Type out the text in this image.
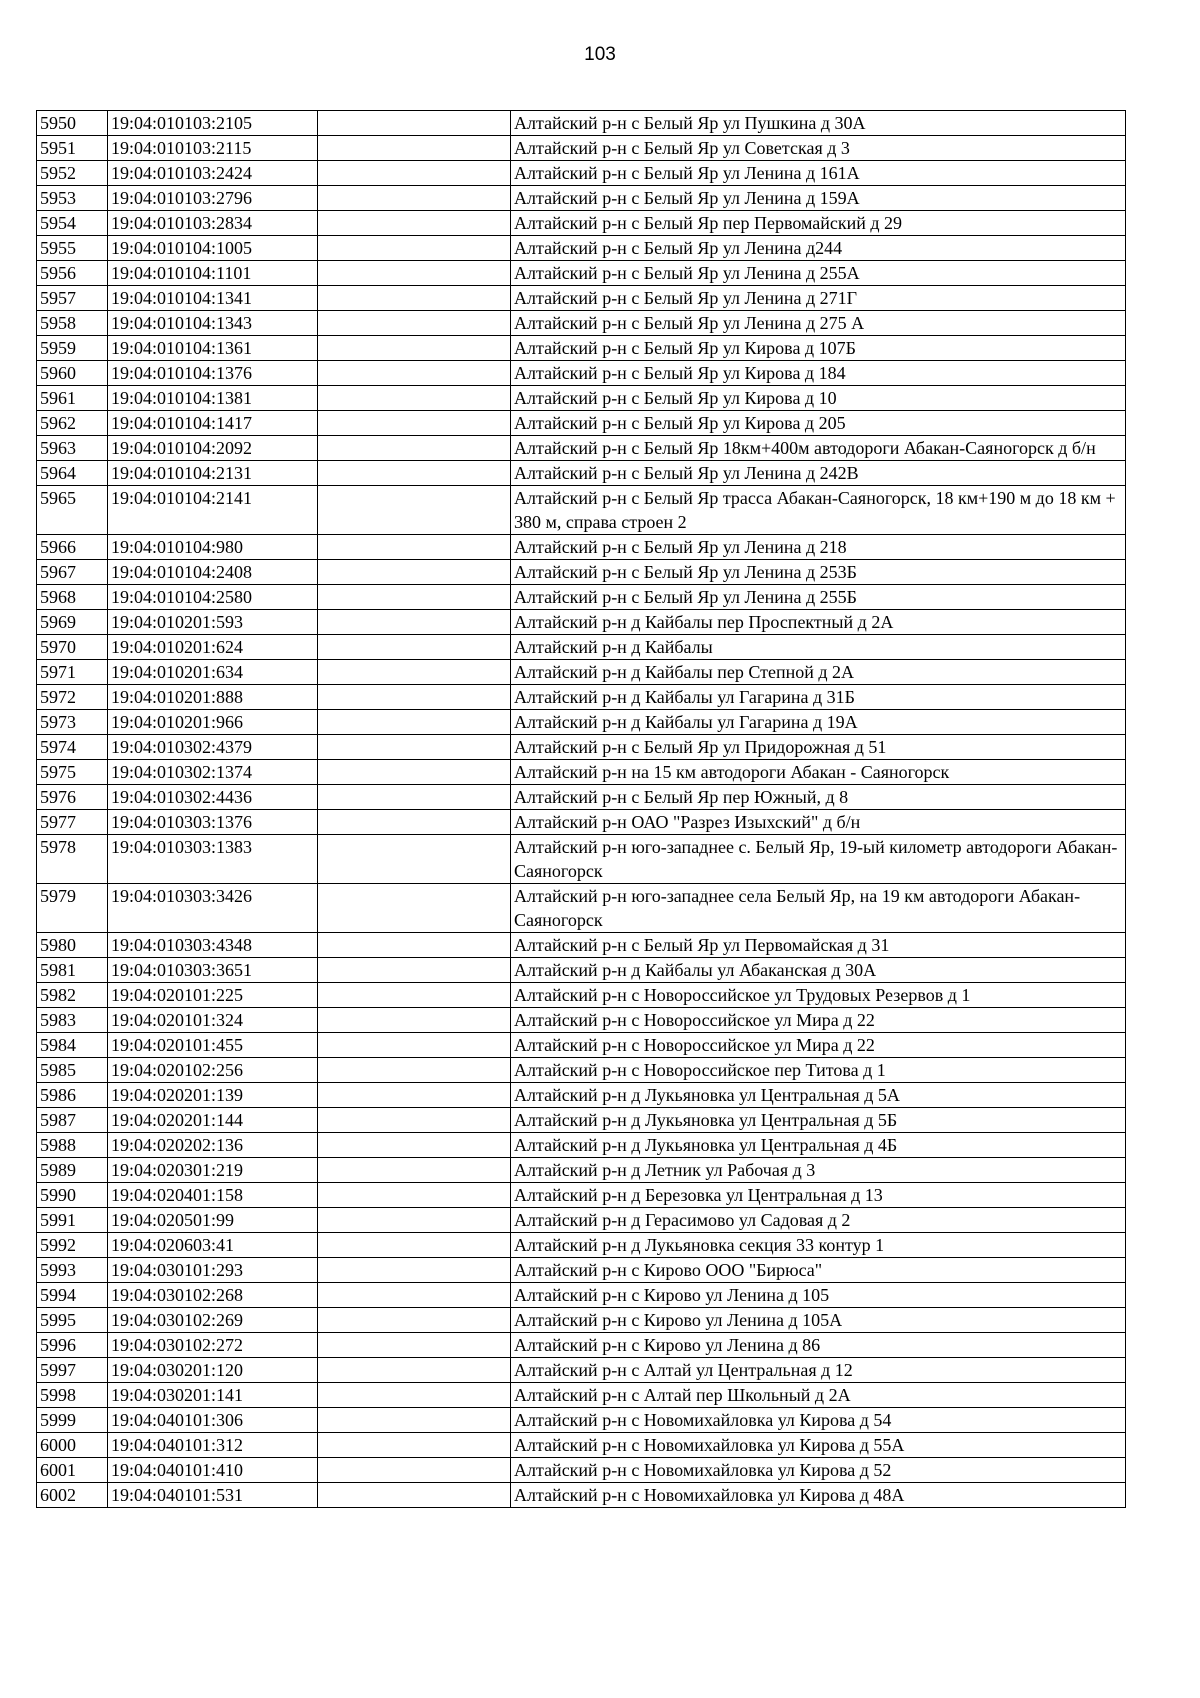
103
5950	19:04:010103:2105		Алтайский р-н с Белый Яр ул Пушкина д 30А
5951	19:04:010103:2115		Алтайский р-н с Белый Яр ул Советская д 3
5952	19:04:010103:2424		Алтайский р-н с Белый Яр ул Ленина д 161А
5953	19:04:010103:2796		Алтайский р-н с Белый Яр ул Ленина д 159А
5954	19:04:010103:2834		Алтайский р-н с Белый Яр пер Первомайский д 29
5955	19:04:010104:1005		Алтайский р-н с Белый Яр ул Ленина д244
5956	19:04:010104:1101		Алтайский р-н с Белый Яр ул Ленина д 255А
5957	19:04:010104:1341		Алтайский р-н с Белый Яр ул Ленина д 271Г
5958	19:04:010104:1343		Алтайский р-н с Белый Яр ул Ленина д 275 А
5959	19:04:010104:1361		Алтайский р-н с Белый Яр ул Кирова д 107Б
5960	19:04:010104:1376		Алтайский р-н с Белый Яр ул Кирова д 184
5961	19:04:010104:1381		Алтайский р-н с Белый Яр ул Кирова д 10
5962	19:04:010104:1417		Алтайский р-н с Белый Яр ул Кирова д 205
5963	19:04:010104:2092		Алтайский р-н с Белый Яр 18км+400м автодороги Абакан-Саяногорск д б/н
5964	19:04:010104:2131		Алтайский р-н с Белый Яр ул Ленина д 242В
5965	19:04:010104:2141		Алтайский р-н с Белый Яр трасса Абакан-Саяногорск, 18 км+190 м до 18 км + 380 м, справа строен 2
5966	19:04:010104:980		Алтайский р-н с Белый Яр ул Ленина д 218
5967	19:04:010104:2408		Алтайский р-н с Белый Яр ул Ленина д 253Б
5968	19:04:010104:2580		Алтайский р-н с Белый Яр ул Ленина д 255Б
5969	19:04:010201:593		Алтайский р-н д Кайбалы пер Проспектный д 2А
5970	19:04:010201:624		Алтайский р-н д Кайбалы
5971	19:04:010201:634		Алтайский р-н д Кайбалы пер Степной д 2А
5972	19:04:010201:888		Алтайский р-н д Кайбалы ул Гагарина д 31Б
5973	19:04:010201:966		Алтайский р-н д Кайбалы ул Гагарина д 19А
5974	19:04:010302:4379		Алтайский р-н с Белый Яр ул Придорожная д 51
5975	19:04:010302:1374		Алтайский р-н на 15 км автодороги Абакан - Саяногорск
5976	19:04:010302:4436		Алтайский р-н с Белый Яр пер Южный, д 8
5977	19:04:010303:1376		Алтайский р-н ОАО "Разрез Изыхский" д б/н
5978	19:04:010303:1383		Алтайский р-н юго-западнее с. Белый Яр, 19-ый километр автодороги Абакан-Саяногорск
5979	19:04:010303:3426		Алтайский р-н юго-западнее села Белый Яр, на 19 км автодороги Абакан-Саяногорск
5980	19:04:010303:4348		Алтайский р-н с Белый Яр ул Первомайская д 31
5981	19:04:010303:3651		Алтайский р-н д Кайбалы ул Абаканская д 30А
5982	19:04:020101:225		Алтайский р-н с Новороссийское ул Трудовых Резервов д 1
5983	19:04:020101:324		Алтайский р-н с Новороссийское ул Мира д 22
5984	19:04:020101:455		Алтайский р-н с Новороссийское ул Мира д 22
5985	19:04:020102:256		Алтайский р-н с Новороссийское пер Титова д 1
5986	19:04:020201:139		Алтайский р-н д Лукьяновка ул Центральная д 5А
5987	19:04:020201:144		Алтайский р-н д Лукьяновка ул Центральная д 5Б
5988	19:04:020202:136		Алтайский р-н д Лукьяновка ул Центральная д 4Б
5989	19:04:020301:219		Алтайский р-н д Летник ул Рабочая д 3
5990	19:04:020401:158		Алтайский р-н д Березовка ул Центральная д 13
5991	19:04:020501:99		Алтайский р-н д Герасимово ул Садовая д 2
5992	19:04:020603:41		Алтайский р-н д Лукьяновка секция 33 контур 1
5993	19:04:030101:293		Алтайский р-н с Кирово ООО "Бирюса"
5994	19:04:030102:268		Алтайский р-н с Кирово ул Ленина д 105
5995	19:04:030102:269		Алтайский р-н с Кирово ул Ленина д 105А
5996	19:04:030102:272		Алтайский р-н с Кирово ул Ленина д 86
5997	19:04:030201:120		Алтайский р-н с Алтай ул Центральная д 12
5998	19:04:030201:141		Алтайский р-н с Алтай пер Школьный д 2А
5999	19:04:040101:306		Алтайский р-н с Новомихайловка ул Кирова д 54
6000	19:04:040101:312		Алтайский р-н с Новомихайловка ул Кирова д 55А
6001	19:04:040101:410		Алтайский р-н с Новомихайловка ул Кирова д 52
6002	19:04:040101:531		Алтайский р-н с Новомихайловка ул Кирова д 48А
